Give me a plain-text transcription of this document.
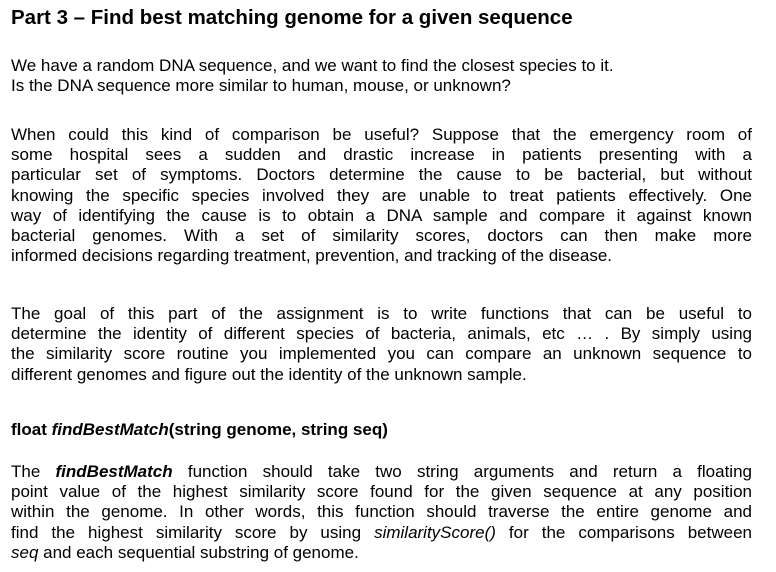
Part 3 – Find best matching genome for a given sequence
We have a random DNA sequence, and we want to find the closest species to it.
Is the DNA sequence more similar to human, mouse, or unknown?
When could this kind of comparison be useful? Suppose that the emergency room of
some hospital sees a sudden and drastic increase in patients presenting with a
particular set of symptoms. Doctors determine the cause to be bacterial, but without
knowing the specific species involved they are unable to treat patients effectively. One
way of identifying the cause is to obtain a DNA sample and compare it against known
bacterial genomes. With a set of similarity scores, doctors can then make more
informed decisions regarding treatment, prevention, and tracking of the disease.
The goal of this part of the assignment is to write functions that can be useful to
determine the identity of different species of bacteria, animals, etc … . By simply using
the similarity score routine you implemented you can compare an unknown sequence to
different genomes and figure out the identity of the unknown sample.

float findBestMatch(string genome, string seq)

The findBestMatch function should take two string arguments and return a floating
point value of the highest similarity score found for the given sequence at any position
within the genome. In other words, this function should traverse the entire genome and
find the highest similarity score by using similarityScore() for the comparisons between
seq and each sequential substring of genome.
